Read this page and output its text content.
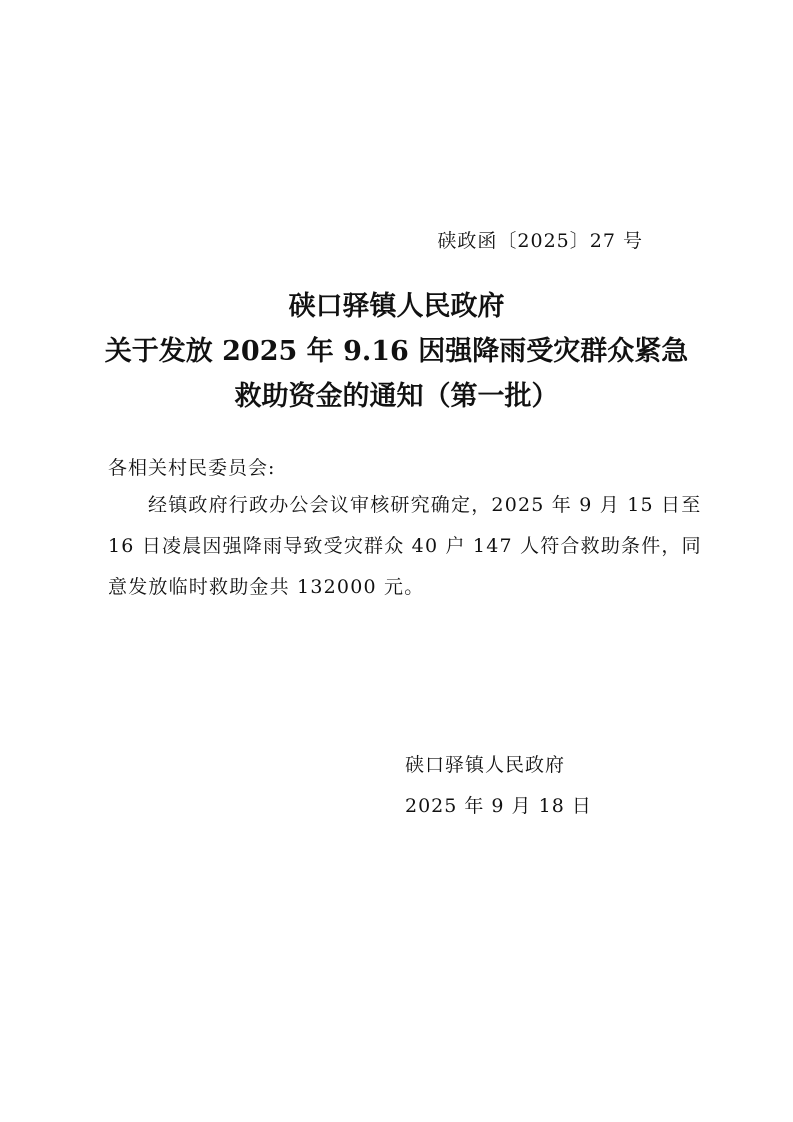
硖政函〔2025〕27 号
硖口驿镇人民政府
关于发放 2025 年 9.16 因强降雨受灾群众紧急
救助资金的通知（第一批）
各相关村民委员会:
经镇政府行政办公会议审核研究确定，2025 年 9 月 15 日至
16 日凌晨因强降雨导致受灾群众 40 户 147 人符合救助条件，同
意发放临时救助金共 132000 元。
硖口驿镇人民政府
2025 年 9 月 18 日
